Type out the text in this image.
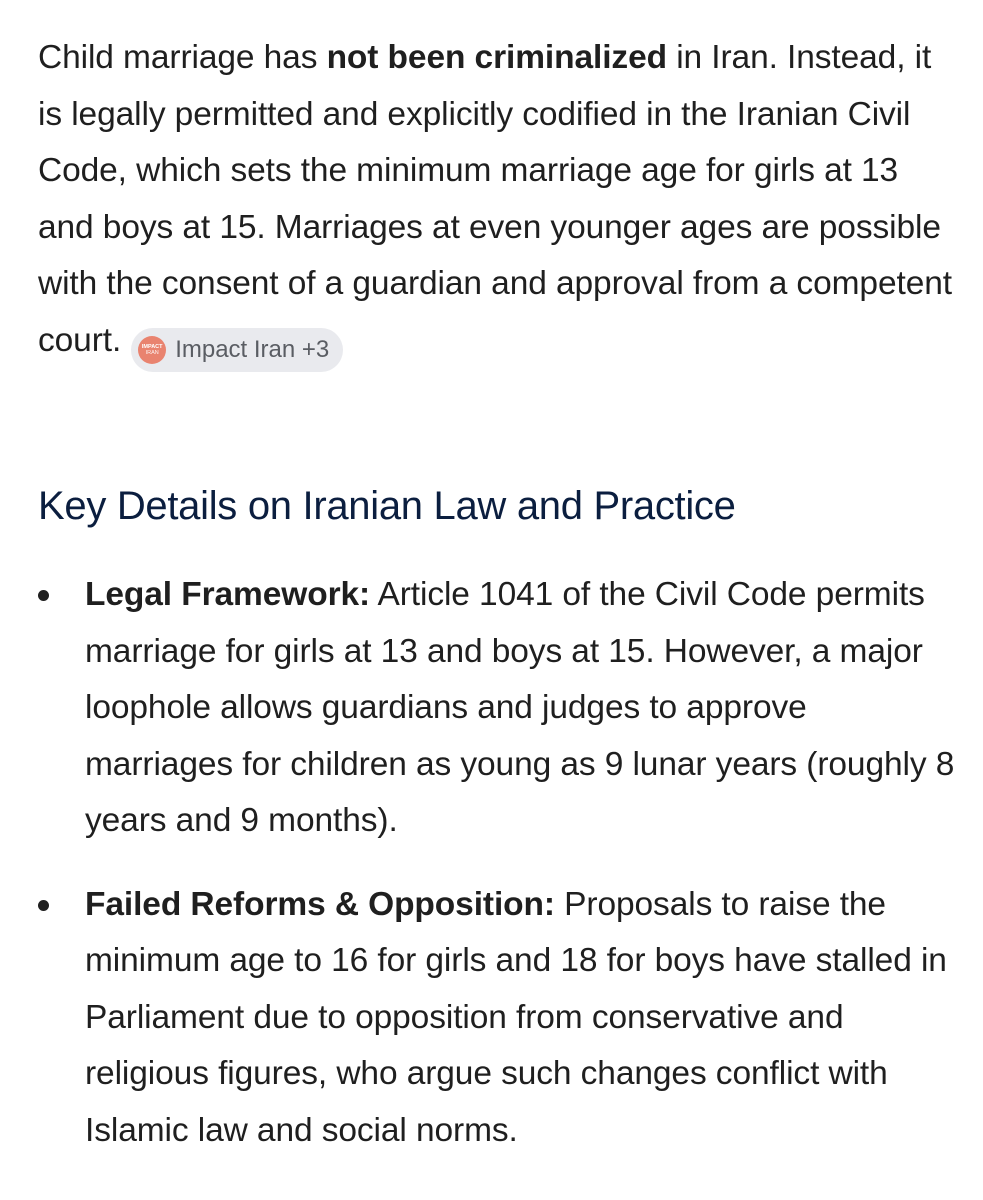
Child marriage has not been criminalized in Iran. Instead, it is legally permitted and explicitly codified in the Iranian Civil Code, which sets the minimum marriage age for girls at 13 and boys at 15. Marriages at even younger ages are possible with the consent of a guardian and approval from a competent court.	IMPACT
IRAN Impact Iran +3

Key Details on Iranian Law and Practice
Legal Framework: Article 1041 of the Civil Code permits marriage for girls at 13 and boys at 15. However, a major loophole allows guardians and judges to approve marriages for children as young as 9 lunar years (roughly 8 years and 9 months).
Failed Reforms & Opposition: Proposals to raise the minimum age to 16 for girls and 18 for boys have stalled in Parliament due to opposition from conservative and religious figures, who argue such changes conflict with Islamic law and social norms.
